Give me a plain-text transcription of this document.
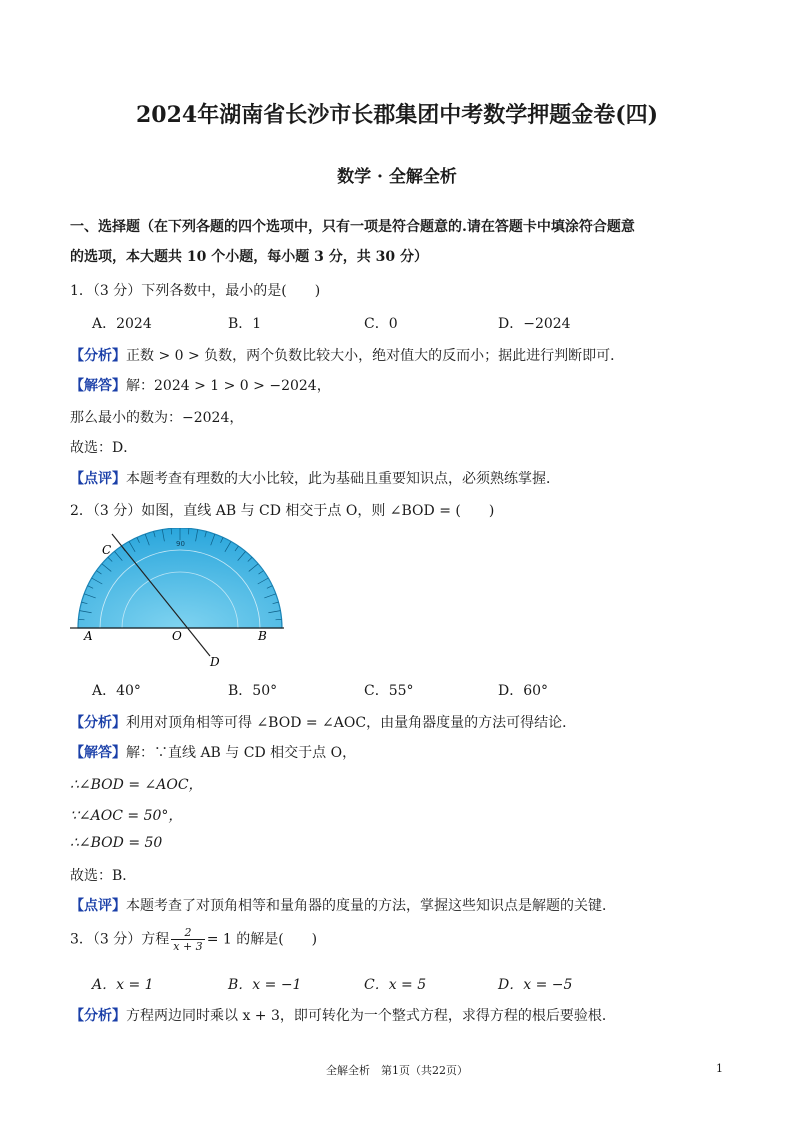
2024年湖南省长沙市长郡集团中考数学押题金卷(四)
数学 · 全解全析
一、选择题（在下列各题的四个选项中，只有一项是符合题意的.请在答题卡中填涂符合题意
的选项，本大题共 10 个小题，每小题 3 分，共 30 分）
1．（3 分）下列各数中，最小的是(　　)
A．2024	B．1	C．0	D．−2024
【分析】正数 > 0 > 负数，两个负数比较大小，绝对值大的反而小；据此进行判断即可．
【解答】解：2024 > 1 > 0 > −2024，
那么最小的数为：−2024，
故选：D．
【点评】本题考查有理数的大小比较，此为基础且重要知识点，必须熟练掌握．
2．（3 分）如图，直线 AB 与 CD 相交于点 O，则 ∠BOD = (　　)
90
A	B
C
D
O
A．40°	B．50°	C．55°	D．60°
【分析】利用对顶角相等可得 ∠BOD = ∠AOC，由量角器度量的方法可得结论．
【解答】解：∵直线 AB 与 CD 相交于点 O，
∴∠BOD = ∠AOC，
∵∠AOC = 50°，
∴∠BOD = 50
故选：B．
【点评】本题考查了对顶角相等和量角器的度量的方法，掌握这些知识点是解题的关键．
3．（3 分）方程 $\frac{2}{x + 3} = 1$ 的解是(　　)
A．x = 1	B．x = −1	C．x = 5	D．x = −5
【分析】方程两边同时乘以 x + 3，即可转化为一个整式方程，求得方程的根后要验根．
全解全析　第1页（共22页）	1
